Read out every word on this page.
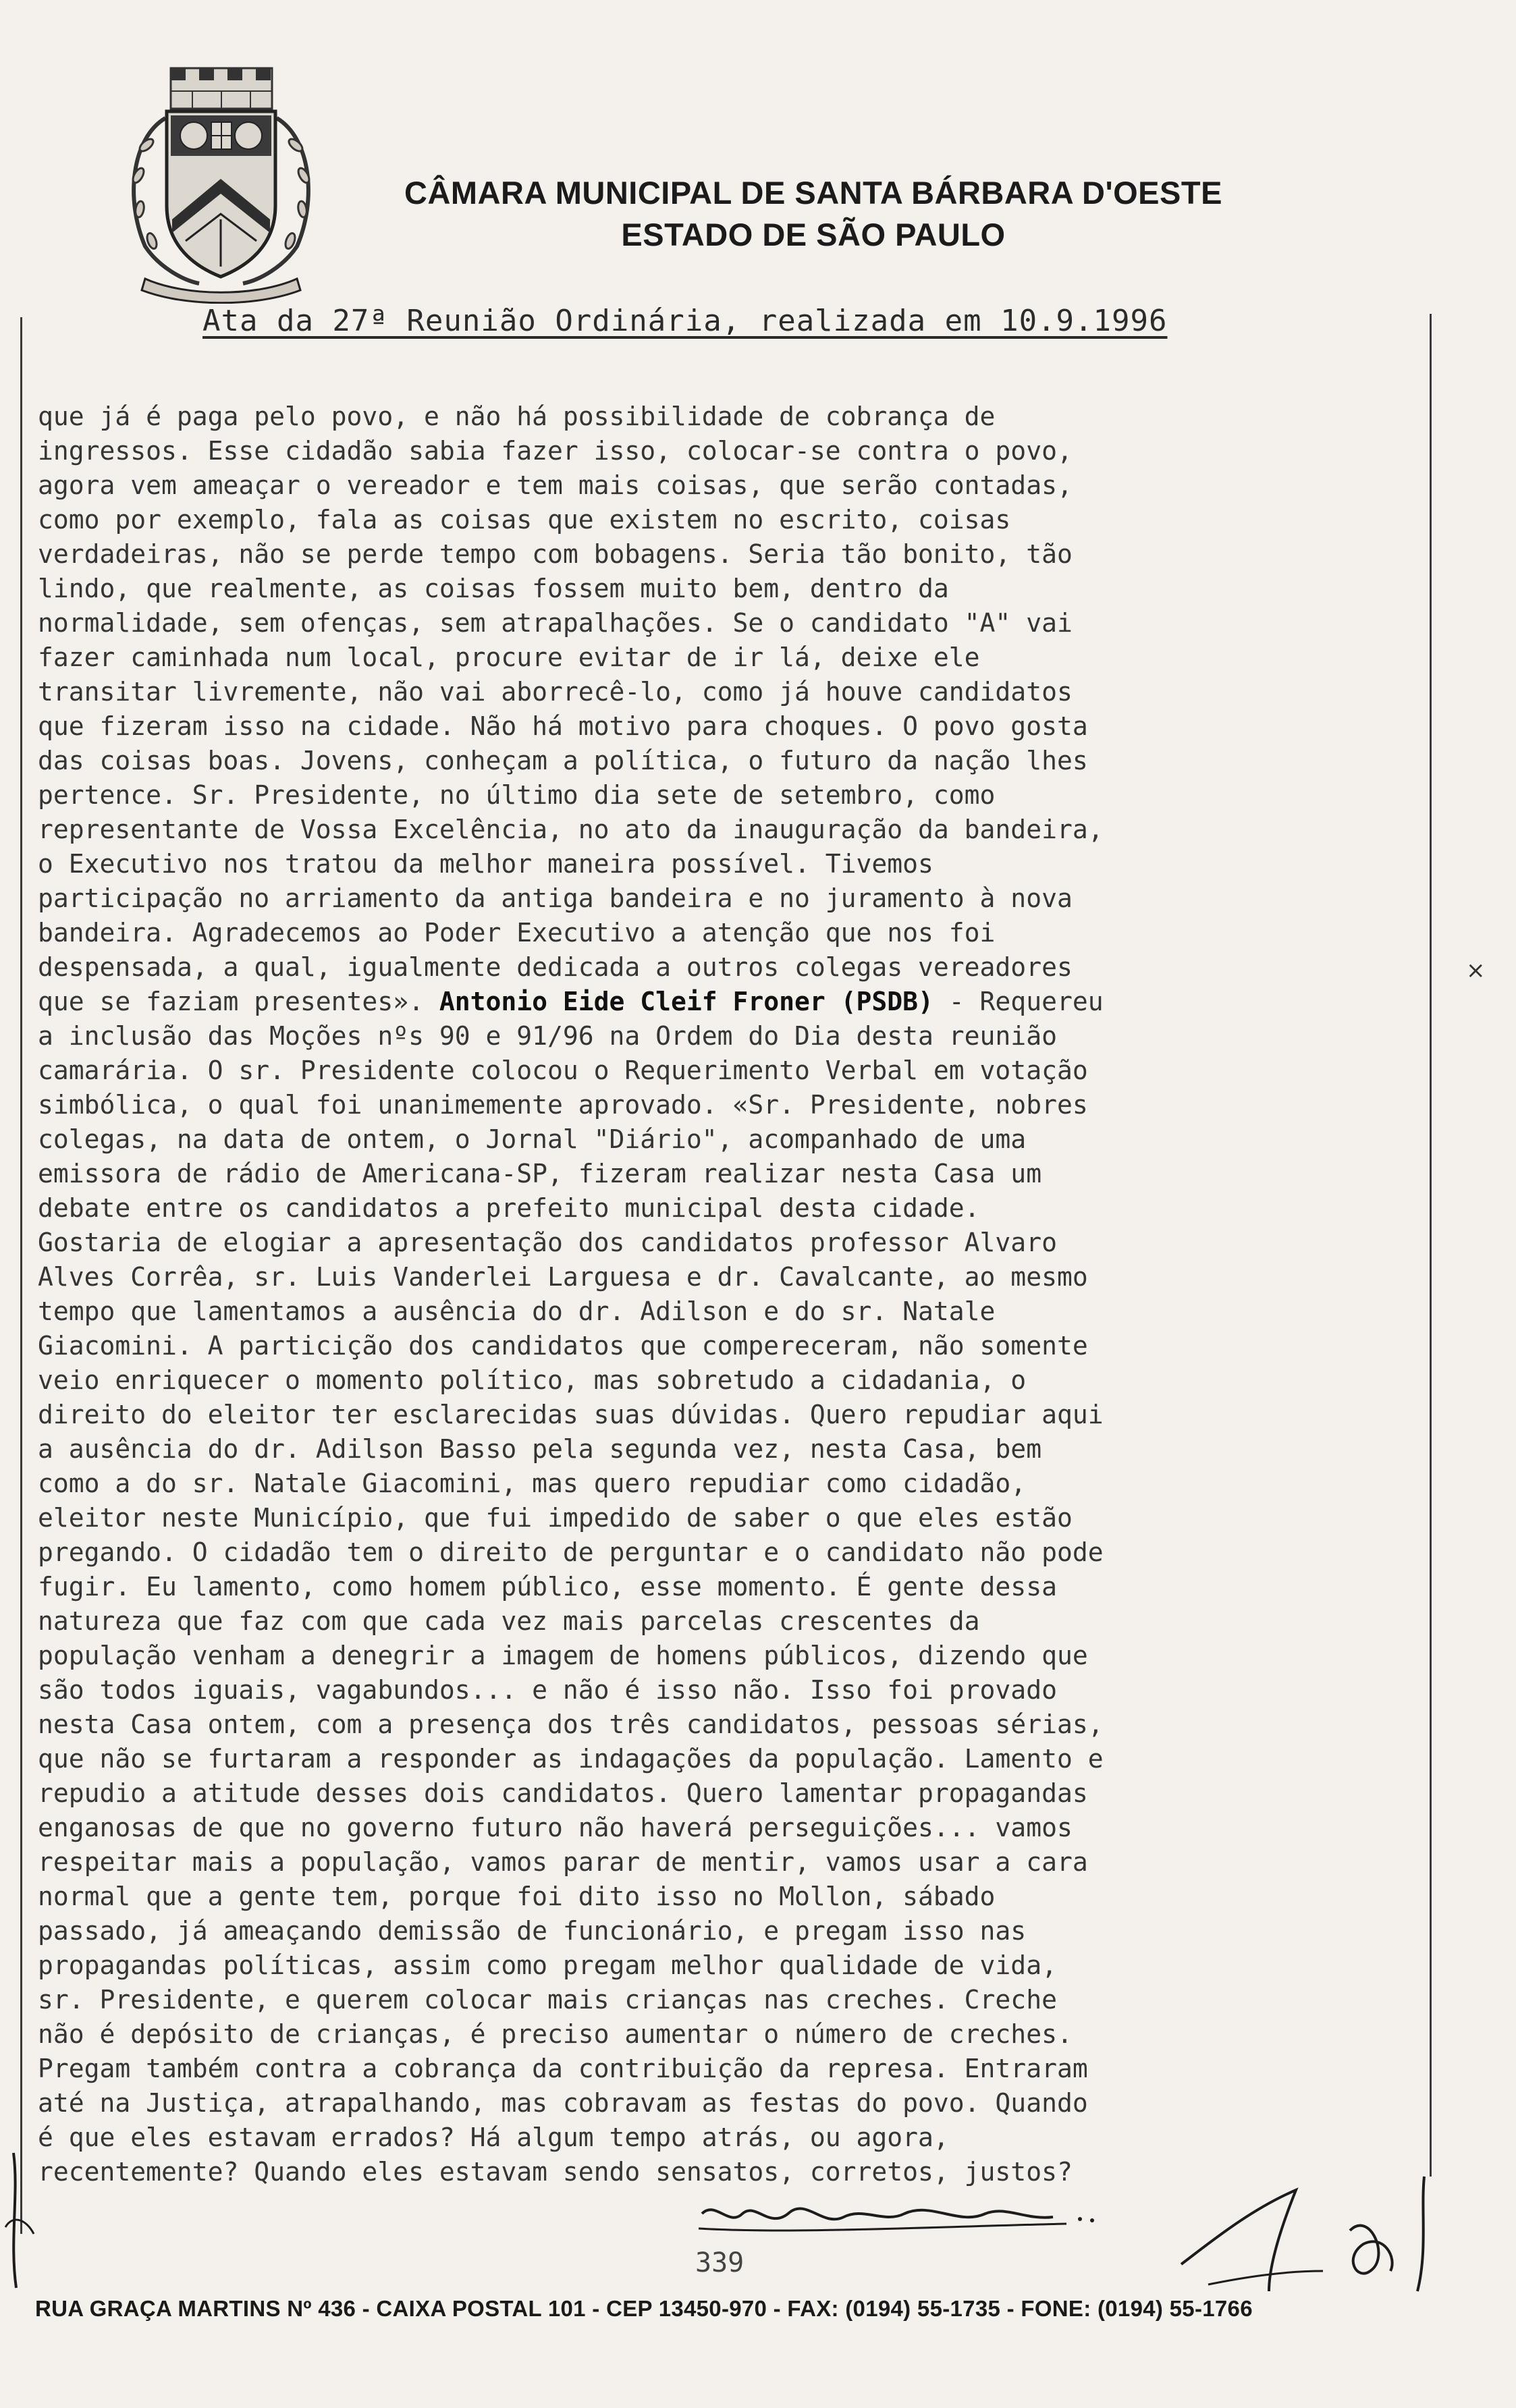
CÂMARA MUNICIPAL DE SANTA BÁRBARA D'OESTE
ESTADO DE SÃO PAULO
Ata da 27ª Reunião Ordinária, realizada em 10.9.1996
que já é paga pelo povo, e não há possibilidade de cobrança de
ingressos. Esse cidadão sabia fazer isso, colocar-se contra o povo,
agora vem ameaçar o vereador e tem mais coisas, que serão contadas,
como por exemplo, fala as coisas que existem no escrito, coisas
verdadeiras, não se perde tempo com bobagens. Seria tão bonito, tão
lindo, que realmente, as coisas fossem muito bem, dentro da
normalidade, sem ofenças, sem atrapalhações. Se o candidato "A" vai
fazer caminhada num local, procure evitar de ir lá, deixe ele
transitar livremente, não vai aborrecê-lo, como já houve candidatos
que fizeram isso na cidade. Não há motivo para choques. O povo gosta
das coisas boas. Jovens, conheçam a política, o futuro da nação lhes
pertence. Sr. Presidente, no último dia sete de setembro, como
representante de Vossa Excelência, no ato da inauguração da bandeira,
o Executivo nos tratou da melhor maneira possível. Tivemos
participação no arriamento da antiga bandeira e no juramento à nova
bandeira. Agradecemos ao Poder Executivo a atenção que nos foi
despensada, a qual, igualmente dedicada a outros colegas vereadores
que se faziam presentes». Antonio Eide Cleif Froner (PSDB) - Requereu
a inclusão das Moções nºs 90 e 91/96 na Ordem do Dia desta reunião
camarária. O sr. Presidente colocou o Requerimento Verbal em votação
simbólica, o qual foi unanimemente aprovado. «Sr. Presidente, nobres
colegas, na data de ontem, o Jornal "Diário", acompanhado de uma
emissora de rádio de Americana-SP, fizeram realizar nesta Casa um
debate entre os candidatos a prefeito municipal desta cidade.
Gostaria de elogiar a apresentação dos candidatos professor Alvaro
Alves Corrêa, sr. Luis Vanderlei Larguesa e dr. Cavalcante, ao mesmo
tempo que lamentamos a ausência do dr. Adilson e do sr. Natale
Giacomini. A particição dos candidatos que compereceram, não somente
veio enriquecer o momento político, mas sobretudo a cidadania, o
direito do eleitor ter esclarecidas suas dúvidas. Quero repudiar aqui
a ausência do dr. Adilson Basso pela segunda vez, nesta Casa, bem
como a do sr. Natale Giacomini, mas quero repudiar como cidadão,
eleitor neste Município, que fui impedido de saber o que eles estão
pregando. O cidadão tem o direito de perguntar e o candidato não pode
fugir. Eu lamento, como homem público, esse momento. É gente dessa
natureza que faz com que cada vez mais parcelas crescentes da
população venham a denegrir a imagem de homens públicos, dizendo que
são todos iguais, vagabundos... e não é isso não. Isso foi provado
nesta Casa ontem, com a presença dos três candidatos, pessoas sérias,
que não se furtaram a responder as indagações da população. Lamento e
repudio a atitude desses dois candidatos. Quero lamentar propagandas
enganosas de que no governo futuro não haverá perseguições... vamos
respeitar mais a população, vamos parar de mentir, vamos usar a cara
normal que a gente tem, porque foi dito isso no Mollon, sábado
passado, já ameaçando demissão de funcionário, e pregam isso nas
propagandas políticas, assim como pregam melhor qualidade de vida,
sr. Presidente, e querem colocar mais crianças nas creches. Creche
não é depósito de crianças, é preciso aumentar o número de creches.
Pregam também contra a cobrança da contribuição da represa. Entraram
até na Justiça, atrapalhando, mas cobravam as festas do povo. Quando
é que eles estavam errados? Há algum tempo atrás, ou agora,
recentemente? Quando eles estavam sendo sensatos, corretos, justos?
×
339
RUA GRAÇA MARTINS Nº 436 - CAIXA POSTAL 101 - CEP 13450-970 - FAX: (0194) 55-1735 - FONE: (0194) 55-1766
